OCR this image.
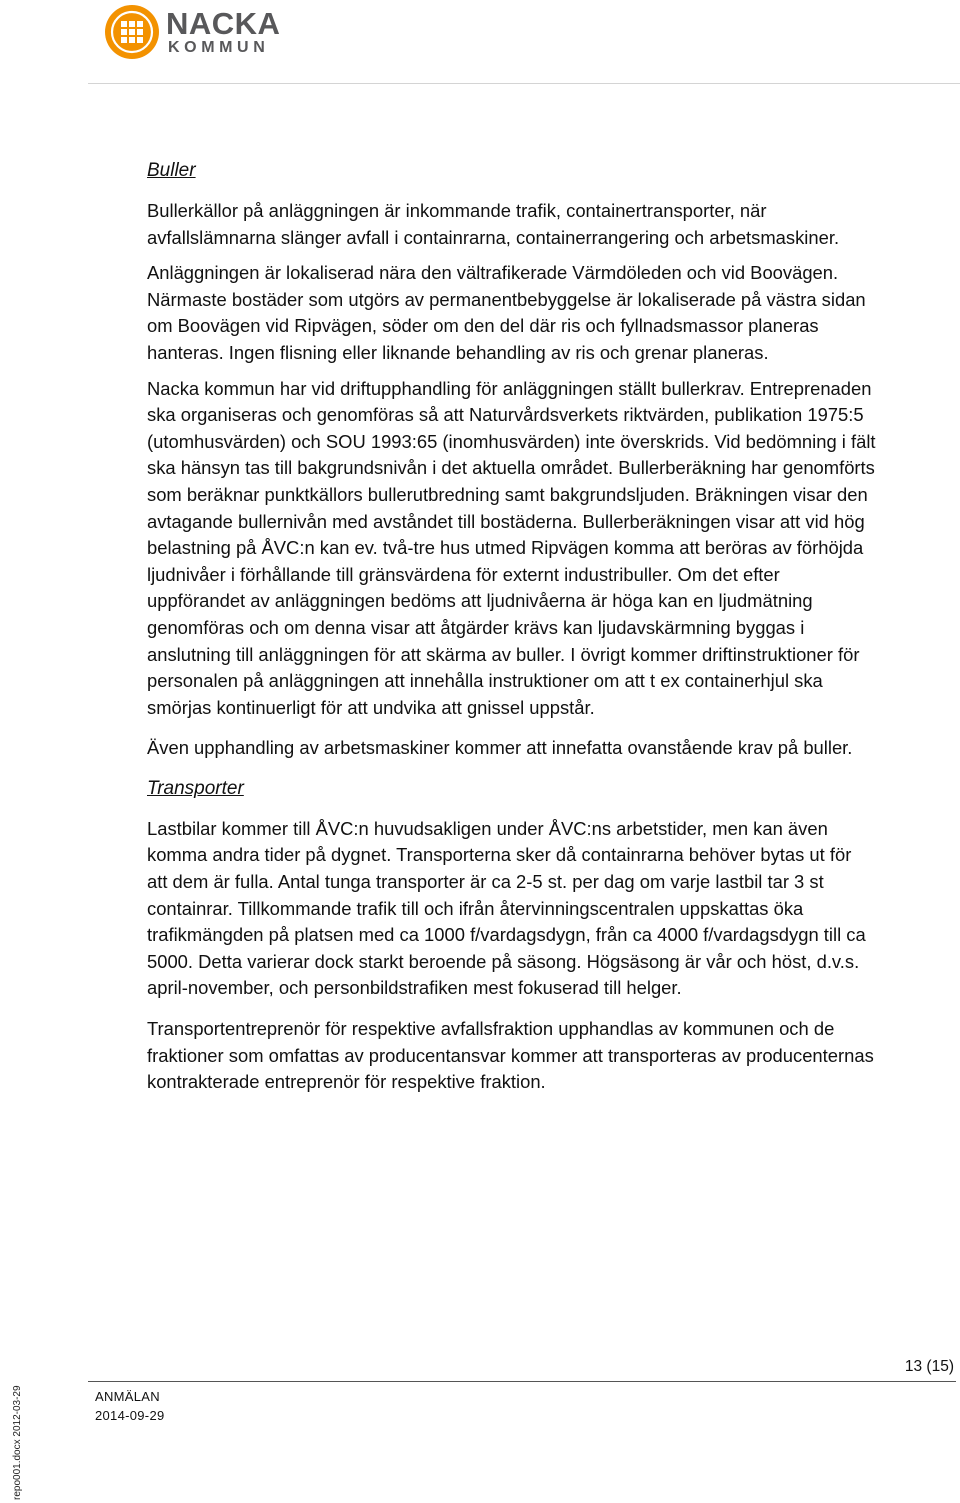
NACKA
KOMMUN

Buller

Bullerkällor på anläggningen är inkommande trafik, containertransporter, när
avfallslämnarna slänger avfall i containrarna, containerrangering och arbetsmaskiner.

Anläggningen är lokaliserad nära den vältrafikerade Värmdöleden och vid Boovägen.
Närmaste bostäder som utgörs av permanentbebyggelse är lokaliserade på västra sidan
om Boovägen vid Ripvägen, söder om den del där ris och fyllnadsmassor planeras
hanteras. Ingen flisning eller liknande behandling av ris och grenar planeras.

Nacka kommun har vid driftupphandling för anläggningen ställt bullerkrav. Entreprenaden
ska organiseras och genomföras så att Naturvårdsverkets riktvärden, publikation 1975:5
(utomhusvärden) och SOU 1993:65 (inomhusvärden) inte överskrids. Vid bedömning i fält
ska hänsyn tas till bakgrundsnivån i det aktuella området. Bullerberäkning har genomförts
som beräknar punktkällors bullerutbredning samt bakgrundsljuden. Bräkningen visar den
avtagande bullernivån med avståndet till bostäderna. Bullerberäkningen visar att vid hög
belastning på ÅVC:n kan ev. två-tre hus utmed Ripvägen komma att beröras av förhöjda
ljudnivåer i förhållande till gränsvärdena för externt industribuller. Om det efter
uppförandet av anläggningen bedöms att ljudnivåerna är höga kan en ljudmätning
genomföras och om denna visar att åtgärder krävs kan ljudavskärmning byggas i
anslutning till anläggningen för att skärma av buller. I övrigt kommer driftinstruktioner för
personalen på anläggningen att innehålla instruktioner om att t ex containerhjul ska
smörjas kontinuerligt för att undvika att gnissel uppstår.

Även upphandling av arbetsmaskiner kommer att innefatta ovanstående krav på buller.

Transporter

Lastbilar kommer till ÅVC:n huvudsakligen under ÅVC:ns arbetstider, men kan även
komma andra tider på dygnet. Transporterna sker då containrarna behöver bytas ut för
att dem är fulla. Antal tunga transporter är ca 2-5 st. per dag om varje lastbil tar 3 st
containrar. Tillkommande trafik till och ifrån återvinningscentralen uppskattas öka
trafikmängden på platsen med ca 1000 f/vardagsdygn, från ca 4000 f/vardagsdygn till ca
5000. Detta varierar dock starkt beroende på säsong. Högsäsong är vår och höst, d.v.s.
april-november, och personbildstrafiken mest fokuserad till helger.

Transportentreprenör för respektive avfallsfraktion upphandlas av kommunen och de
fraktioner som omfattas av producentansvar kommer att transporteras av producenternas
kontrakterade entreprenör för respektive fraktion.

13 (15)
ANMÄLAN
2014-09-29
repo001.docx 2012-03-29
